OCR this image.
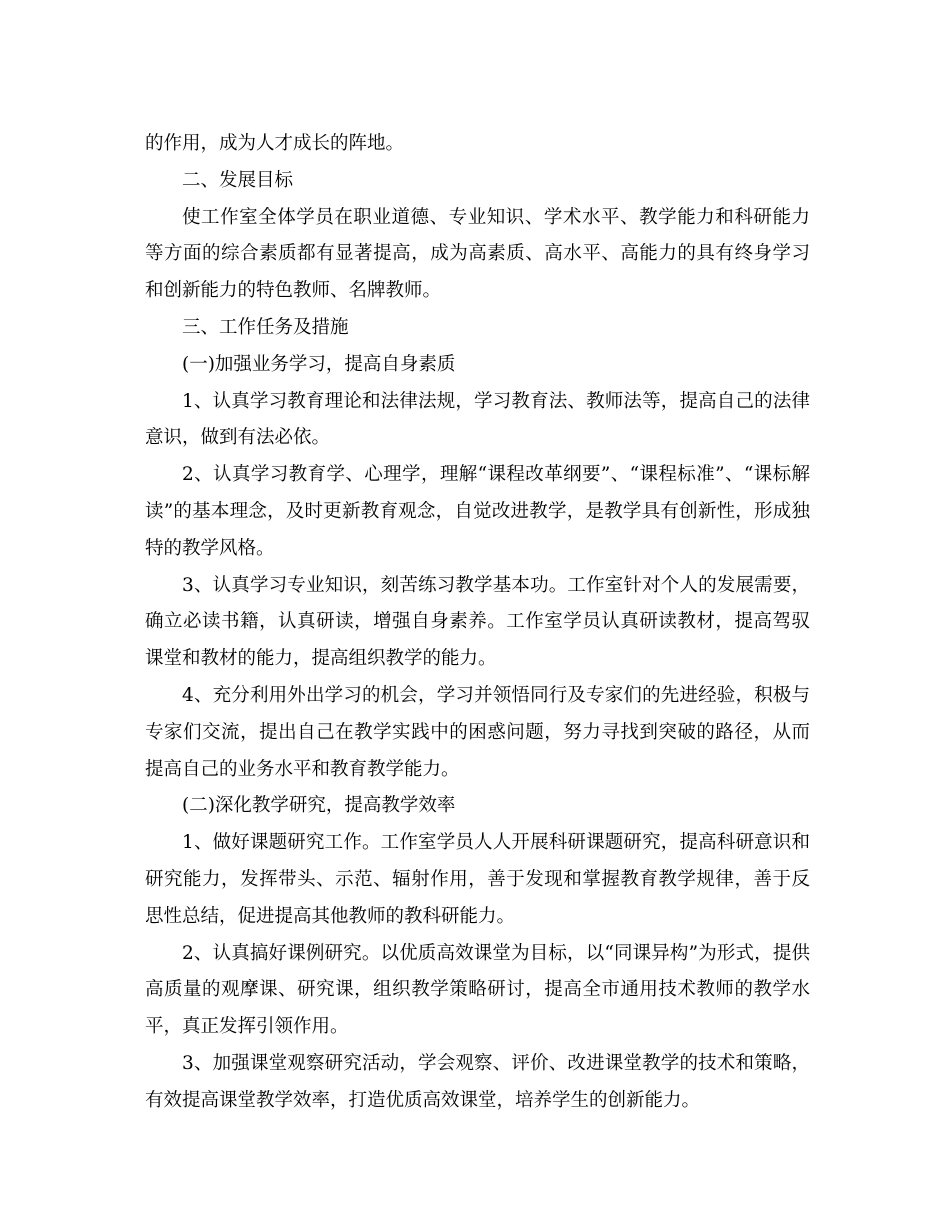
的作用，成为人才成长的阵地。

二、发展目标

使工作室全体学员在职业道德、专业知识、学术水平、教学能力和科研能力等方面的综合素质都有显著提高，成为高素质、高水平、高能力的具有终身学习和创新能力的特色教师、名牌教师。

三、工作任务及措施

(一)加强业务学习，提高自身素质

1、认真学习教育理论和法律法规，学习教育法、教师法等，提高自己的法律意识，做到有法必依。

2、认真学习教育学、心理学，理解“课程改革纲要”、“课程标准”、“课标解读”的基本理念，及时更新教育观念，自觉改进教学，是教学具有创新性，形成独特的教学风格。

3、认真学习专业知识，刻苦练习教学基本功。工作室针对个人的发展需要，确立必读书籍，认真研读，增强自身素养。工作室学员认真研读教材，提高驾驭课堂和教材的能力，提高组织教学的能力。

4、充分利用外出学习的机会，学习并领悟同行及专家们的先进经验，积极与专家们交流，提出自己在教学实践中的困惑问题，努力寻找到突破的路径，从而提高自己的业务水平和教育教学能力。

(二)深化教学研究，提高教学效率

1、做好课题研究工作。工作室学员人人开展科研课题研究，提高科研意识和研究能力，发挥带头、示范、辐射作用，善于发现和掌握教育教学规律，善于反思性总结，促进提高其他教师的教科研能力。

2、认真搞好课例研究。以优质高效课堂为目标，以“同课异构”为形式，提供高质量的观摩课、研究课，组织教学策略研讨，提高全市通用技术教师的教学水平，真正发挥引领作用。

3、加强课堂观察研究活动，学会观察、评价、改进课堂教学的技术和策略，有效提高课堂教学效率，打造优质高效课堂，培养学生的创新能力。
